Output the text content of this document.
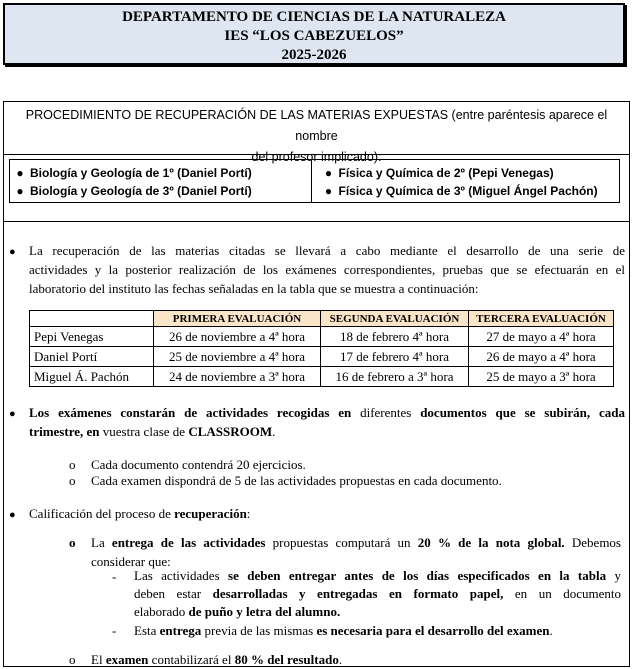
DEPARTAMENTO DE CIENCIAS DE LA NATURALEZA
IES “LOS CABEZUELOS”
2025-2026
PROCEDIMIENTO DE RECUPERACIÓN DE LAS MATERIAS EXPUESTAS (entre paréntesis aparece el nombre
del profesor implicado):
● Biología y Geología de 1º (Daniel Portí)
● Biología y Geología de 3º (Daniel Portí)
● Física y Química de 2º (Pepi Venegas)
● Física y Química de 3º (Miguel Ángel Pachón)
● La recuperación de las materias citadas se llevará a cabo mediante el desarrollo de una serie de
actividades y la posterior realización de los exámenes correspondientes, pruebas que se efectuarán en el
laboratorio del instituto las fechas señaladas en la tabla que se muestra a continuación:
	PRIMERA EVALUACIÓN	SEGUNDA EVALUACIÓN	TERCERA EVALUACIÓN
Pepi Venegas	26 de noviembre a 4ª hora	18 de febrero 4ª hora	27 de mayo a 4ª hora
Daniel Portí	25 de noviembre a 4ª hora	17 de febrero 4ª hora	26 de mayo a 4ª hora
Miguel Á. Pachón	24 de noviembre a 3ª hora	16 de febrero a 3ª hora	25 de mayo a 3ª hora
● Los exámenes constarán de actividades recogidas en diferentes documentos que se subirán, cada
trimestre, en vuestra clase de CLASSROOM.
o Cada documento contendrá 20 ejercicios.
o Cada examen dispondrá de 5 de las actividades propuestas en cada documento.
● Calificación del proceso de recuperación:
o La entrega de las actividades propuestas computará un 20 % de la nota global. Debemos
considerar que:
- Las actividades se deben entregar antes de los días especificados en la tabla y
deben estar desarrolladas y entregadas en formato papel, en un documento
elaborado de puño y letra del alumno.
- Esta entrega previa de las mismas es necesaria para el desarrollo del examen.
o El examen contabilizará el 80 % del resultado.
